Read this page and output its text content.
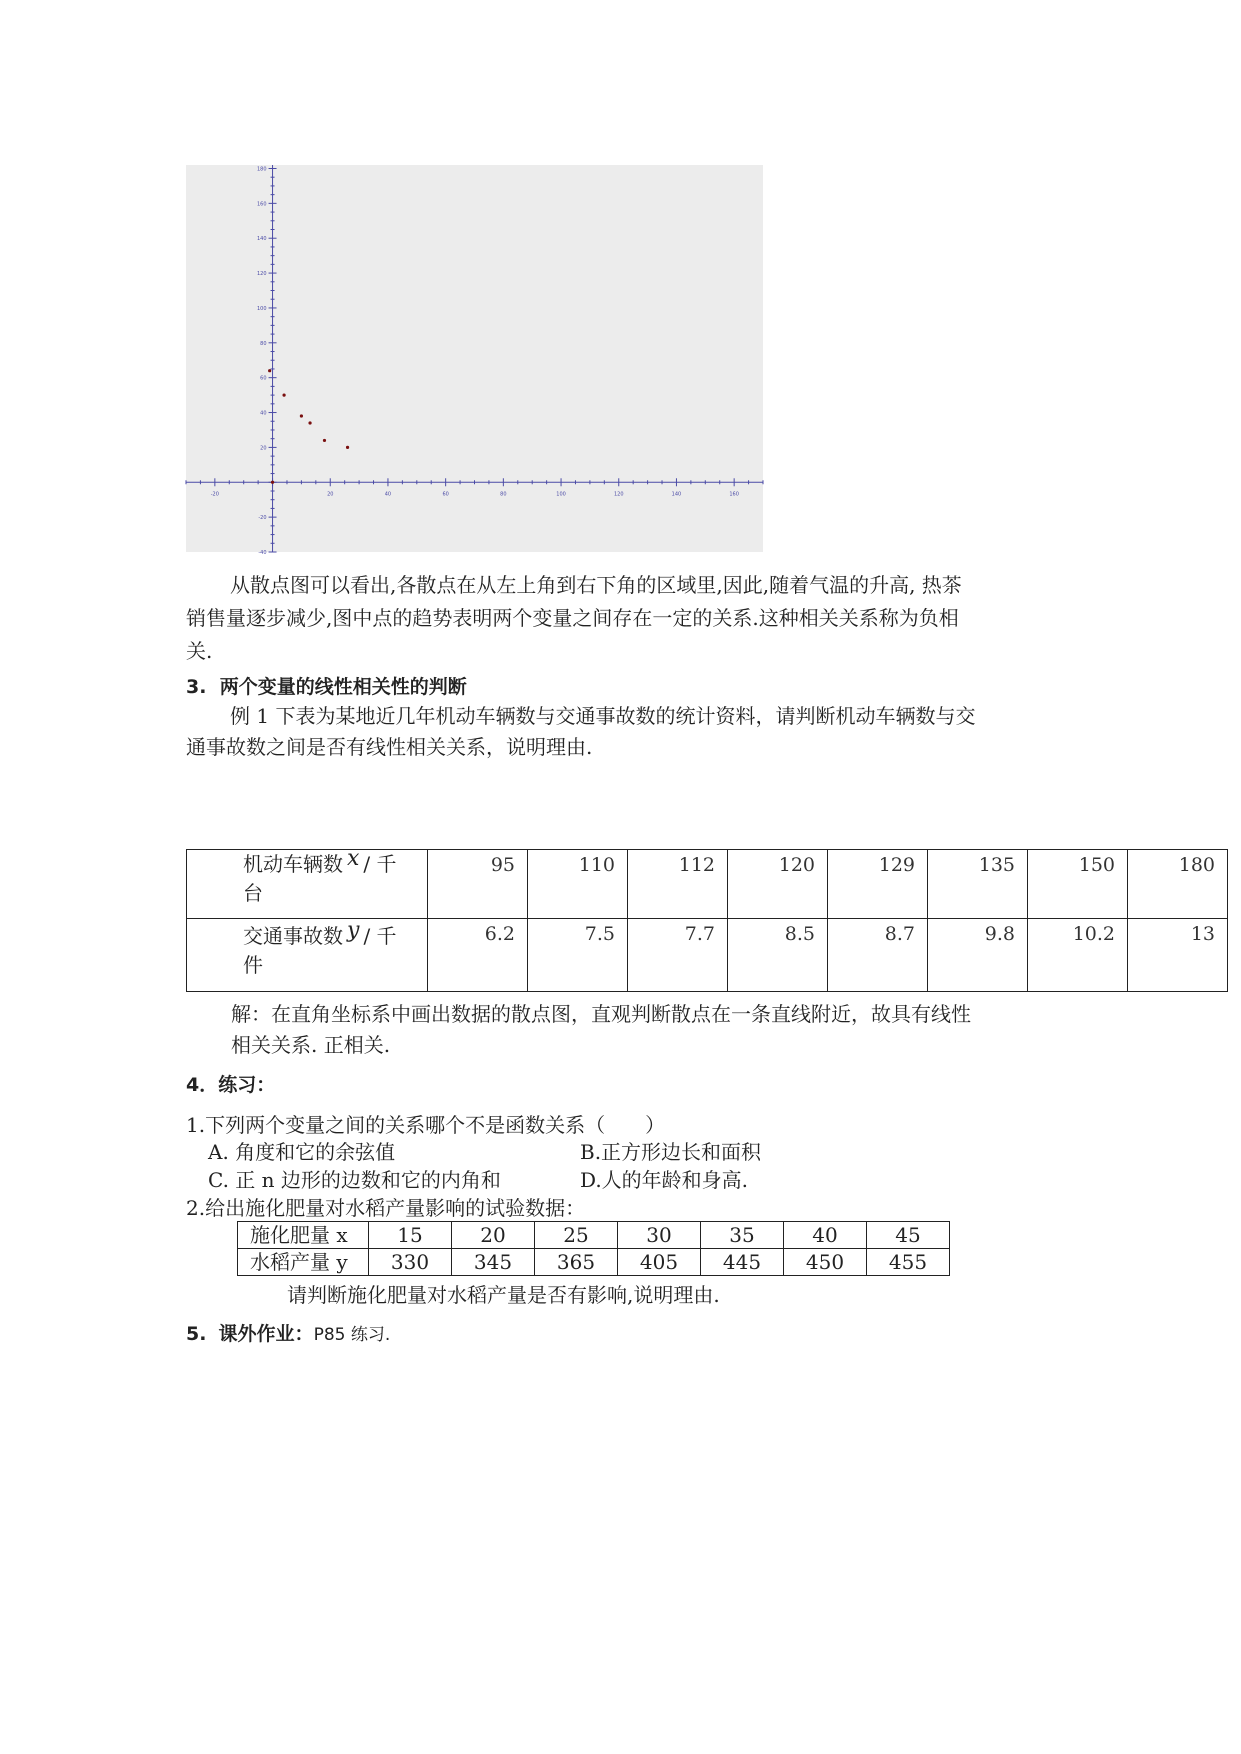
-20	20	40	60	80	100	120	140	160
-40
-20
20
40
60
80
100
120
140
160
180

从散点图可以看出,各散点在从左上角到右下角的区域里,因此,随着气温的升高, 热茶

销售量逐步减少,图中点的趋势表明两个变量之间存在一定的关系.这种相关关系称为负相

关.

3. 两个变量的线性相关性的判断

例 1 下表为某地近几年机动车辆数与交通事故数的统计资料，请判断机动车辆数与交

通事故数之间是否有线性相关关系，说明理由.

机动车辆数 x / 千
台	95	110	112	120	129	135	150	180
交通事故数 y / 千
件	6.2	7.5	7.7	8.5	8.7	9.8	10.2	13

解：在直角坐标系中画出数据的散点图，直观判断散点在一条直线附近，故具有线性

相关关系. 正相关.

4．练习：

1.下列两个变量之间的关系哪个不是函数关系（　　）

A. 角度和它的余弦值	B.正方形边长和面积

C. 正 n 边形的边数和它的内角和	D.人的年龄和身高.

2.给出施化肥量对水稻产量影响的试验数据：

施化肥量 x	15	20	25	30	35	40	45
水稻产量 y	330	345	365	405	445	450	455

请判断施化肥量对水稻产量是否有影响,说明理由.

5. 课外作业：P85 练习.
